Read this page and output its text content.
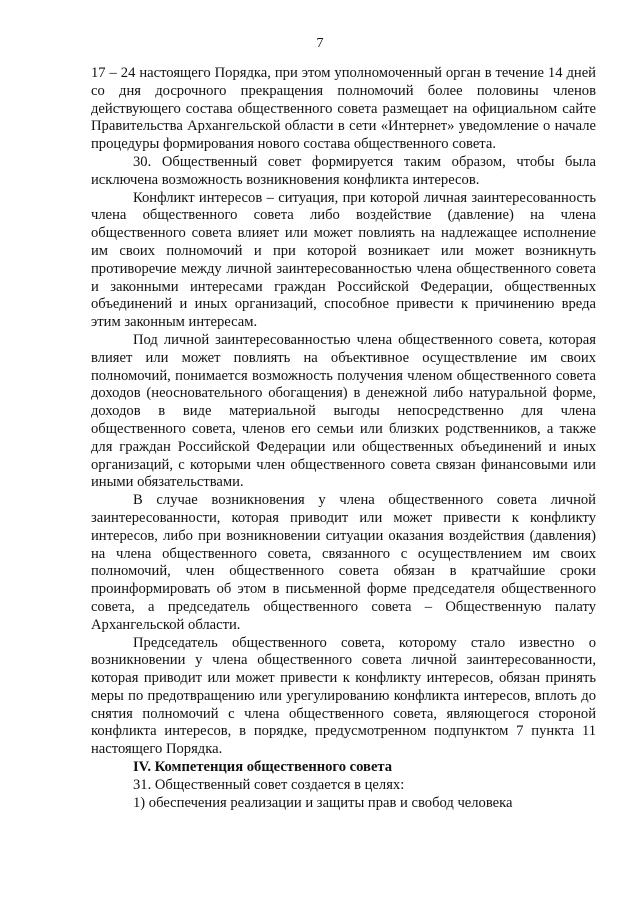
7

17 – 24 настоящего Порядка, при этом уполномоченный орган в течение 14 дней со дня досрочного прекращения полномочий более половины членов действующего состава общественного совета размещает на официальном сайте Правительства Архангельской области в сети «Интернет» уведомление о начале процедуры формирования нового состава общественного совета.

30. Общественный совет формируется таким образом, чтобы была исключена возможность возникновения конфликта интересов.

Конфликт интересов – ситуация, при которой личная заинтересованность члена общественного совета либо воздействие (давление) на члена общественного совета влияет или может повлиять на надлежащее исполнение им своих полномочий и при которой возникает или может возникнуть противоречие между личной заинтересованностью члена общественного совета и законными интересами граждан Российской Федерации, общественных объединений и иных организаций, способное привести к причинению вреда этим законным интересам.

Под личной заинтересованностью члена общественного совета, которая влияет или может повлиять на объективное осуществление им своих полномочий, понимается возможность получения членом общественного совета доходов (неосновательного обогащения) в денежной либо натуральной форме, доходов в виде материальной выгоды непосредственно для члена общественного совета, членов его семьи или близких родственников, а также для граждан Российской Федерации или общественных объединений и иных организаций, с которыми член общественного совета связан финансовыми или иными обязательствами.

В случае возникновения у члена общественного совета личной заинтересованности, которая приводит или может привести к конфликту интересов, либо при возникновении ситуации оказания воздействия (давления) на члена общественного совета, связанного с осуществлением им своих полномочий, член общественного совета обязан в кратчайшие сроки проинформировать об этом в письменной форме председателя общественного совета, а председатель общественного совета – Общественную палату Архангельской области.

Председатель общественного совета, которому стало известно о возникновении у члена общественного совета личной заинтересованности, которая приводит или может привести к конфликту интересов, обязан принять меры по предотвращению или урегулированию конфликта интересов, вплоть до снятия полномочий с члена общественного совета, являющегося стороной конфликта интересов, в порядке, предусмотренном подпунктом 7 пункта 11 настоящего Порядка.

IV. Компетенция общественного совета

31. Общественный совет создается в целях:

1) обеспечения реализации и защиты прав и свобод человека
